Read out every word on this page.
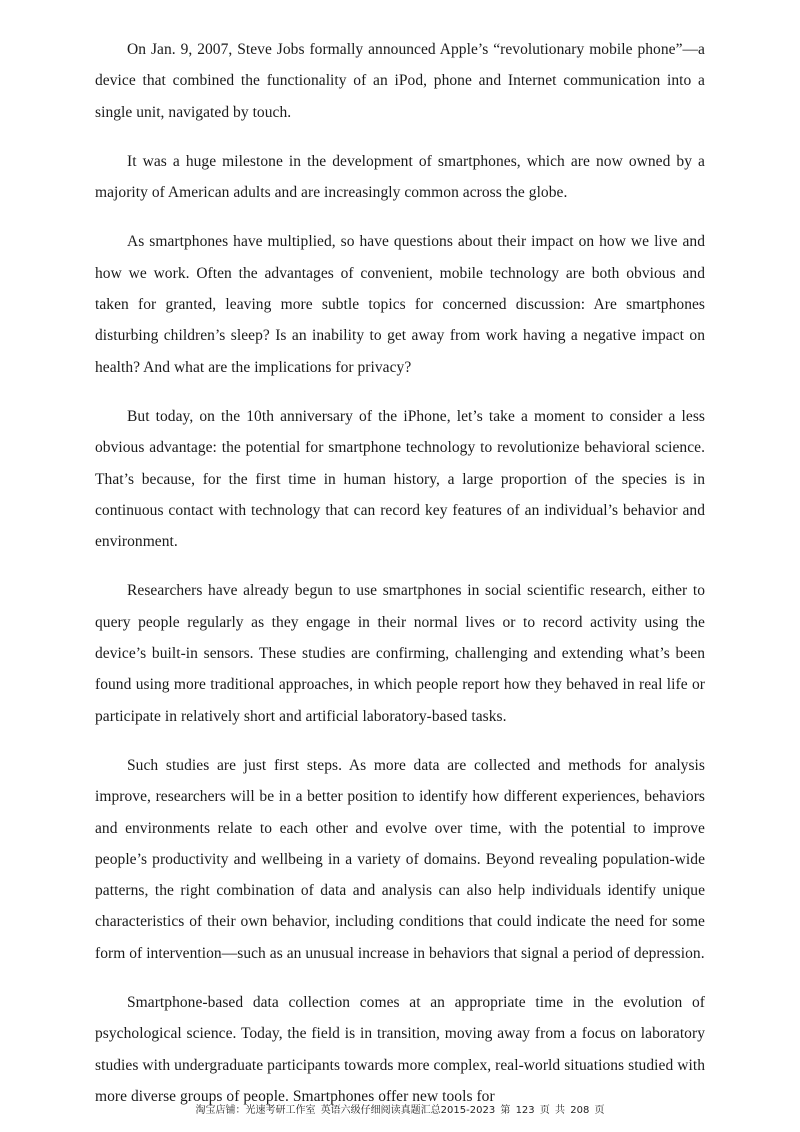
On Jan. 9, 2007, Steve Jobs formally announced Apple’s “revolutionary mobile phone”—a device that combined the functionality of an iPod, phone and Internet communication into a single unit, navigated by touch.

It was a huge milestone in the development of smartphones, which are now owned by a majority of American adults and are increasingly common across the globe.

As smartphones have multiplied, so have questions about their impact on how we live and how we work. Often the advantages of convenient, mobile technology are both obvious and taken for granted, leaving more subtle topics for concerned discussion: Are smartphones disturbing children’s sleep? Is an inability to get away from work having a negative impact on health? And what are the implications for privacy?

But today, on the 10th anniversary of the iPhone, let’s take a moment to consider a less obvious advantage: the potential for smartphone technology to revolutionize behavioral science. That’s because, for the first time in human history, a large proportion of the species is in continuous contact with technology that can record key features of an individual’s behavior and environment.

Researchers have already begun to use smartphones in social scientific research, either to query people regularly as they engage in their normal lives or to record activity using the device’s built-in sensors. These studies are confirming, challenging and extending what’s been found using more traditional approaches, in which people report how they behaved in real life or participate in relatively short and artificial laboratory-based tasks.

Such studies are just first steps. As more data are collected and methods for analysis improve, researchers will be in a better position to identify how different experiences, behaviors and environments relate to each other and evolve over time, with the potential to improve people’s productivity and wellbeing in a variety of domains. Beyond revealing population-wide patterns, the right combination of data and analysis can also help individuals identify unique characteristics of their own behavior, including conditions that could indicate the need for some form of intervention—such as an unusual increase in behaviors that signal a period of depression.

Smartphone-based data collection comes at an appropriate time in the evolution of psychological science. Today, the field is in transition, moving away from a focus on laboratory studies with undergraduate participants towards more complex, real-world situations studied with more diverse groups of people. Smartphones offer new tools for

淘宝店铺：光速考研工作室 英语六级仔细阅读真题汇总2015-2023 第 123 页 共 208 页
